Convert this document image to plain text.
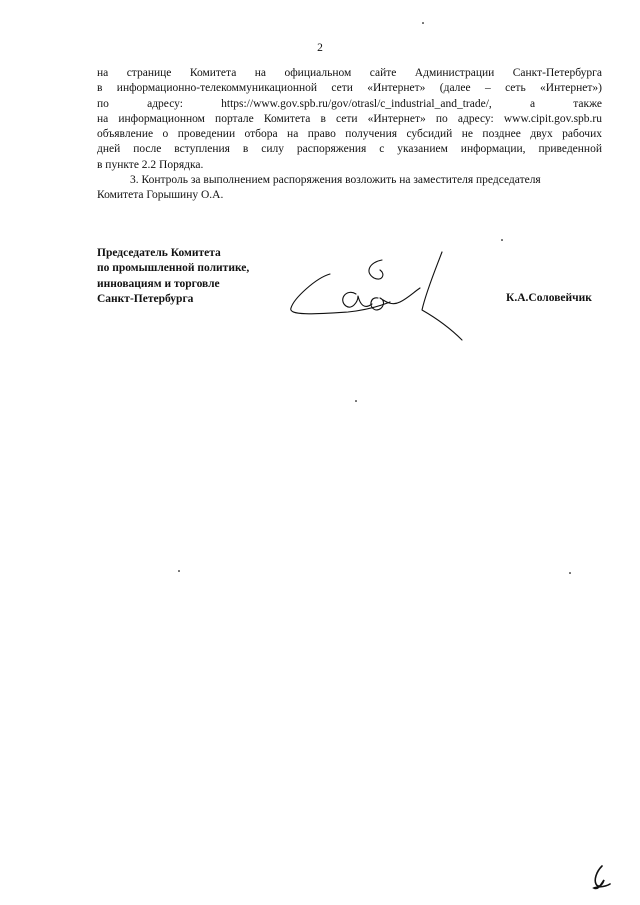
2

на странице Комитета на официальном сайте Администрации Санкт-Петербурга

в информационно-телекоммуникационной сети «Интернет» (далее – сеть «Интернет»)

по адресу: https://www.gov.spb.ru/gov/otrasl/c_industrial_and_trade/, а также

на информационном портале Комитета в сети «Интернет» по адресу: www.cipit.gov.spb.ru

объявление о проведении отбора на право получения субсидий не позднее двух рабочих

дней после вступления в силу распоряжения с указанием информации, приведенной

в пункте 2.2 Порядка.

3. Контроль за выполнением распоряжения возложить на заместителя председателя

Комитета Горышину О.А.

Председатель Комитета
по промышленной политике,
инновациям и торговле
Санкт-Петербурга	К.А.Соловейчик
